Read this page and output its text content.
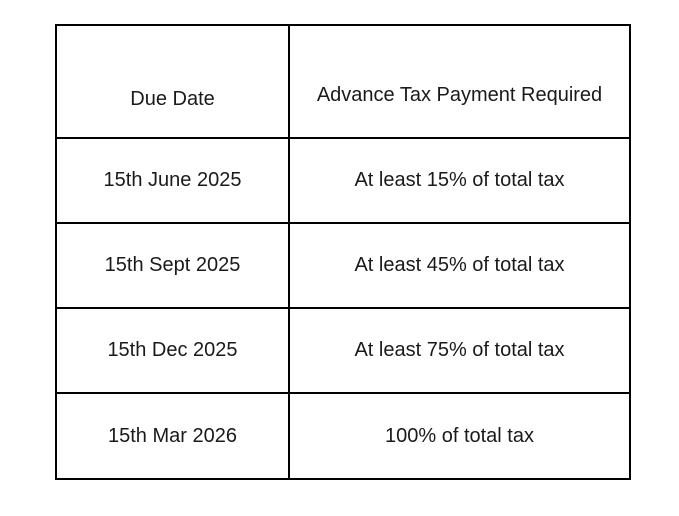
Due Date	Advance Tax Payment Required
15th June 2025	At least 15% of total tax
15th Sept 2025	At least 45% of total tax
15th Dec 2025	At least 75% of total tax
15th Mar 2026	100% of total tax
